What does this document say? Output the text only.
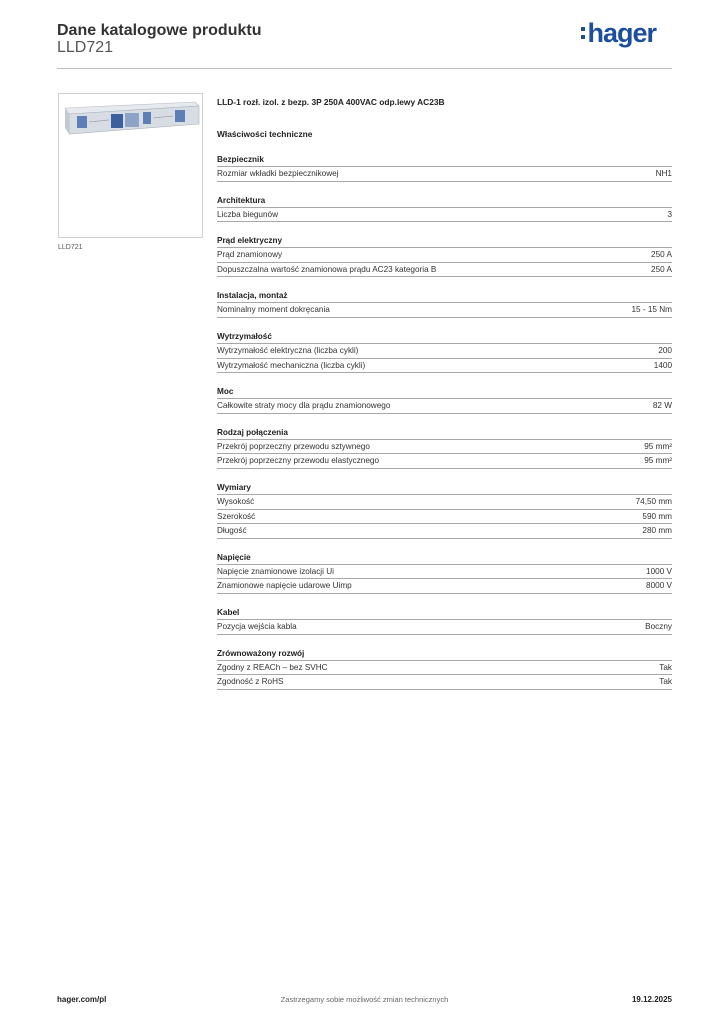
Dane katalogowe produktu
LLD721	hager
LLD721
LLD-1 rozł. izol. z bezp. 3P 250A 400VAC odp.lewy AC23B
Właściwości techniczne
Bezpiecznik
Rozmiar wkładki bezpiecznikowej	NH1
Architektura
Liczba biegunów	3
Prąd elektryczny
Prąd znamionowy	250 A
Dopuszczalna wartość znamionowa prądu AC23 kategoria B	250 A
Instalacja, montaż
Nominalny moment dokręcania	15 - 15 Nm
Wytrzymałość
Wytrzymałość elektryczna (liczba cykli)	200
Wytrzymałość mechaniczna (liczba cykli)	1400
Moc
Całkowite straty mocy dla prądu znamionowego	82 W
Rodzaj połączenia
Przekrój poprzeczny przewodu sztywnego	95 mm²
Przekrój poprzeczny przewodu elastycznego	95 mm²
Wymiary
Wysokość	74,50 mm
Szerokość	590 mm
Długość	280 mm
Napięcie
Napięcie znamionowe izolacji Ui	1000 V
Znamionowe napięcie udarowe Uimp	8000 V
Kabel
Pozycja wejścia kabla	Boczny
Zrównoważony rozwój
Zgodny z REACh – bez SVHC	Tak
Zgodność z RoHS	Tak
hager.com/pl	Zastrzegamy sobie możliwość zmian technicznych	19.12.2025
